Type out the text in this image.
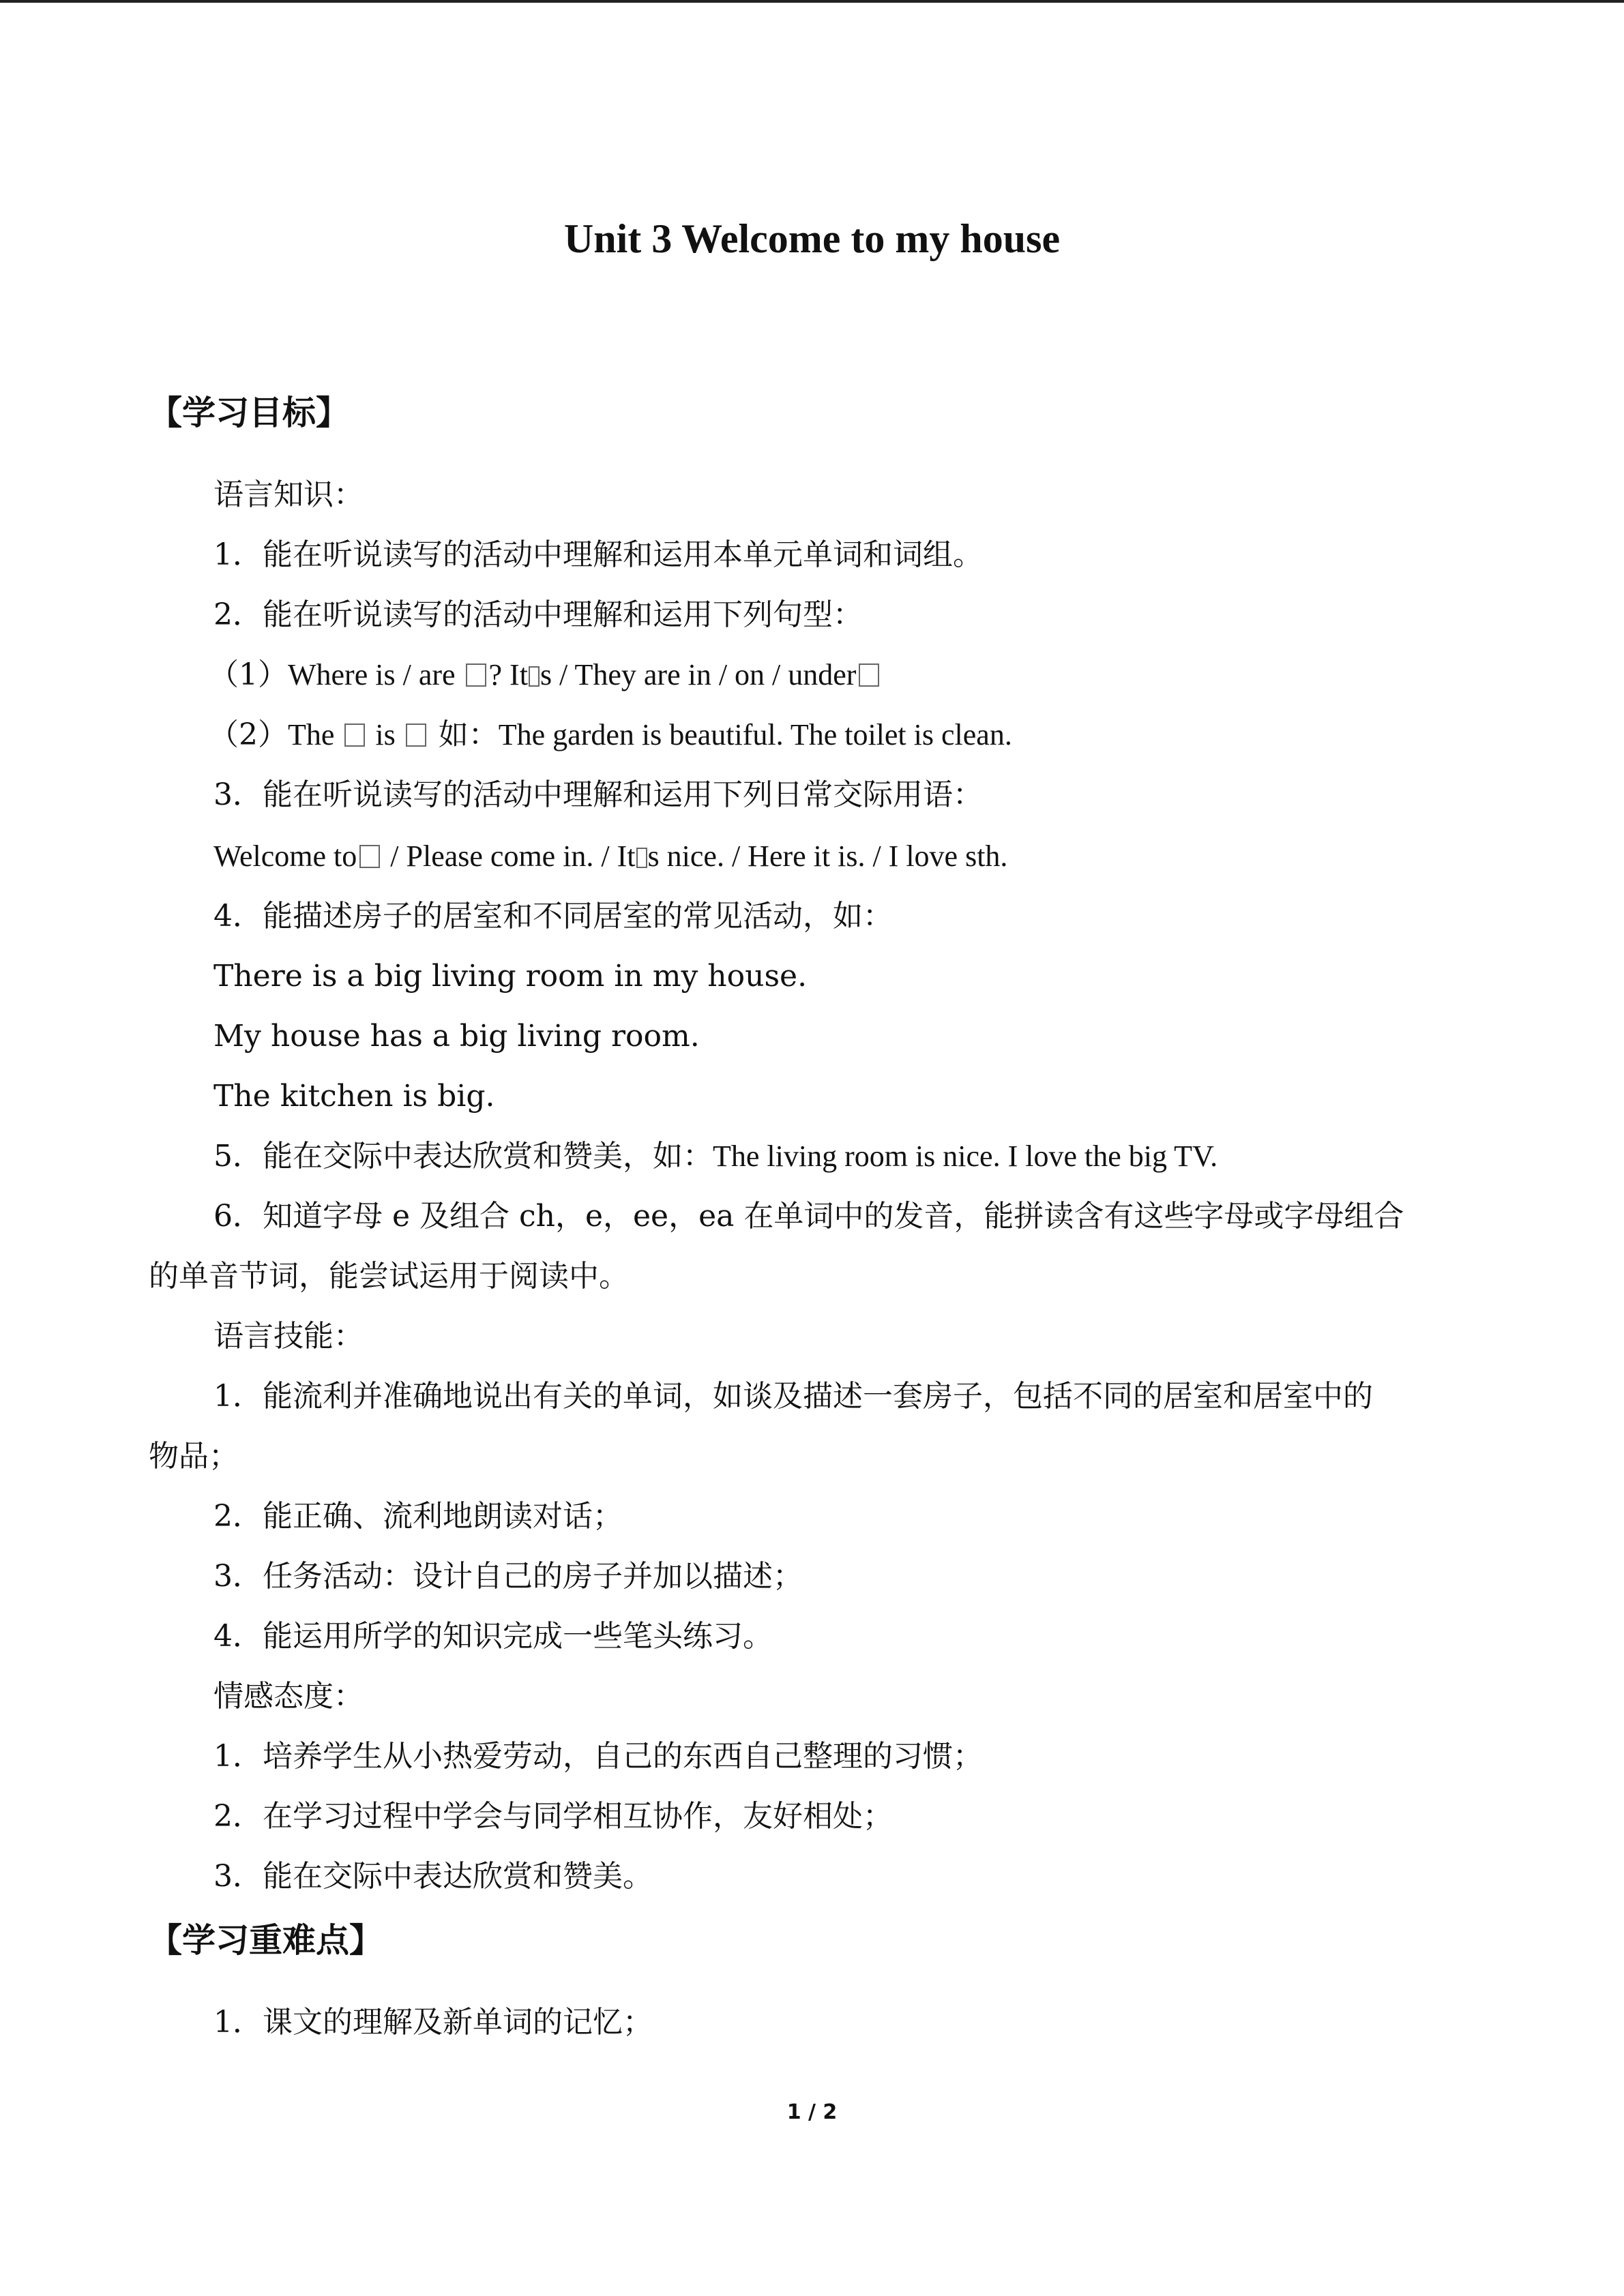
Unit 3 Welcome to my house
【学习目标】

语言知识：

1．能在听说读写的活动中理解和运用本单元单词和词组。

2．能在听说读写的活动中理解和运用下列句型：

（1）Where is / are ? It s / They are in / on / under

（2）The  is  如：The garden is beautiful. The toilet is clean.

3．能在听说读写的活动中理解和运用下列日常交际用语：

Welcome to / Please come in. / It s nice. / Here it is. / I love sth.

4．能描述房子的居室和不同居室的常见活动，如：

There is a big living room in my house.

My house has a big living room.

The kitchen is big.

5．能在交际中表达欣赏和赞美，如：The living room is nice. I love the big TV.

6．知道字母 e 及组合 ch，e，ee，ea 在单词中的发音，能拼读含有这些字母或字母组合

的单音节词，能尝试运用于阅读中。

语言技能：

1．能流利并准确地说出有关的单词，如谈及描述一套房子，包括不同的居室和居室中的

物品；

2．能正确、流利地朗读对话；

3．任务活动：设计自己的房子并加以描述；

4．能运用所学的知识完成一些笔头练习。

情感态度：

1．培养学生从小热爱劳动，自己的东西自己整理的习惯；

2．在学习过程中学会与同学相互协作，友好相处；

3．能在交际中表达欣赏和赞美。

【学习重难点】

1．课文的理解及新单词的记忆；

1 / 2
